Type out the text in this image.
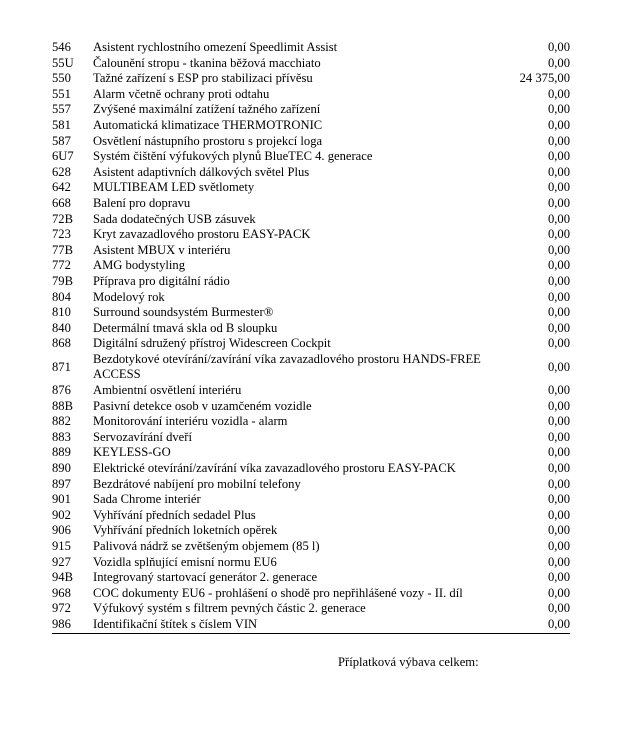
546	Asistent rychlostního omezení Speedlimit Assist	0,00
55U	Čalounění stropu - tkanina běžová macchiato	0,00
550	Tažné zařízení s ESP pro stabilizaci přívěsu	24 375,00
551	Alarm včetně ochrany proti odtahu	0,00
557	Zvýšené maximální zatížení tažného zařízení	0,00
581	Automatická klimatizace THERMOTRONIC	0,00
587	Osvětlení nástupního prostoru s projekcí loga	0,00
6U7	Systém čištění výfukových plynů BlueTEC 4. generace	0,00
628	Asistent adaptivních dálkových světel Plus	0,00
642	MULTIBEAM LED světlomety	0,00
668	Balení pro dopravu	0,00
72B	Sada dodatečných USB zásuvek	0,00
723	Kryt zavazadlového prostoru EASY-PACK	0,00
77B	Asistent MBUX v interiéru	0,00
772	AMG bodystyling	0,00
79B	Příprava pro digitální rádio	0,00
804	Modelový rok	0,00
810	Surround soundsystém Burmester®	0,00
840	Determální tmavá skla od B sloupku	0,00
868	Digitální sdružený přístroj Widescreen Cockpit	0,00
871	Bezdotykové otevírání/zavírání víka zavazadlového prostoru HANDS-FREE ACCESS	0,00
876	Ambientní osvětlení interiéru	0,00
88B	Pasivní detekce osob v uzamčeném vozidle	0,00
882	Monitorování interiéru vozidla - alarm	0,00
883	Servozavírání dveří	0,00
889	KEYLESS-GO	0,00
890	Elektrické otevírání/zavírání víka zavazadlového prostoru EASY-PACK	0,00
897	Bezdrátové nabíjení pro mobilní telefony	0,00
901	Sada Chrome interiér	0,00
902	Vyhřívání předních sedadel Plus	0,00
906	Vyhřívání předních loketních opěrek	0,00
915	Palivová nádrž se zvětšeným objemem (85 l)	0,00
927	Vozidla splňující emisní normu EU6	0,00
94B	Integrovaný startovací generátor 2. generace	0,00
968	COC dokumenty EU6 - prohlášení o shodě pro nepřihlášené vozy - II. díl	0,00
972	Výfukový systém s filtrem pevných částic 2. generace	0,00
986	Identifikační štítek s číslem VIN	0,00
Příplatková výbava celkem:
